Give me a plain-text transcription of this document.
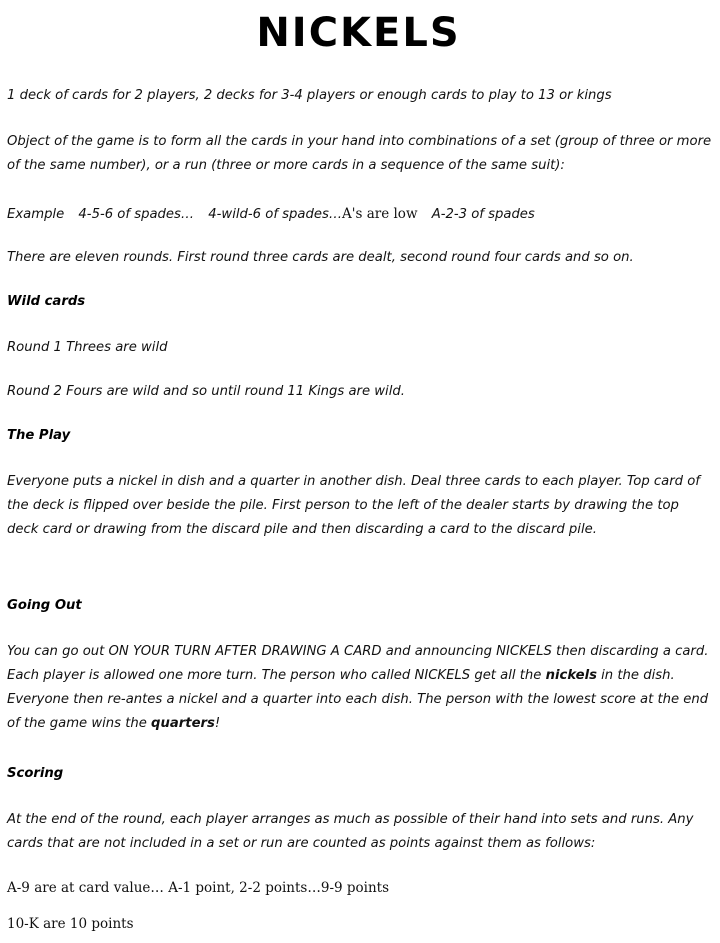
NICKELS

1 deck of cards for 2 players, 2 decks for 3-4 players or enough cards to play to 13 or kings

Object of the game is to form all the cards in your hand into combinations of a set (group of three or more of the same number), or a run (three or more cards in a sequence of the same suit):

Example 4-5-6 of spades… 4-wild-6 of spades…A's are low A-2-3 of spades

There are eleven rounds. First round three cards are dealt, second round four cards and so on.

Wild cards

Round 1 Threes are wild

Round 2 Fours are wild and so until round 11 Kings are wild.

The Play

Everyone puts a nickel in dish and a quarter in another dish. Deal three cards to each player. Top card of the deck is flipped over beside the pile. First person to the left of the dealer starts by drawing the top deck card or drawing from the discard pile and then discarding a card to the discard pile.

Going Out

You can go out ON YOUR TURN AFTER DRAWING A CARD and announcing NICKELS then discarding a card. Each player is allowed one more turn. The person who called NICKELS get all the nickels in the dish. Everyone then re-antes a nickel and a quarter into each dish. The person with the lowest score at the end of the game wins the quarters!

Scoring

At the end of the round, each player arranges as much as possible of their hand into sets and runs. Any cards that are not included in a set or run are counted as points against them as follows:

A-9 are at card value… A-1 point, 2-2 points…9-9 points

10-K are 10 points
